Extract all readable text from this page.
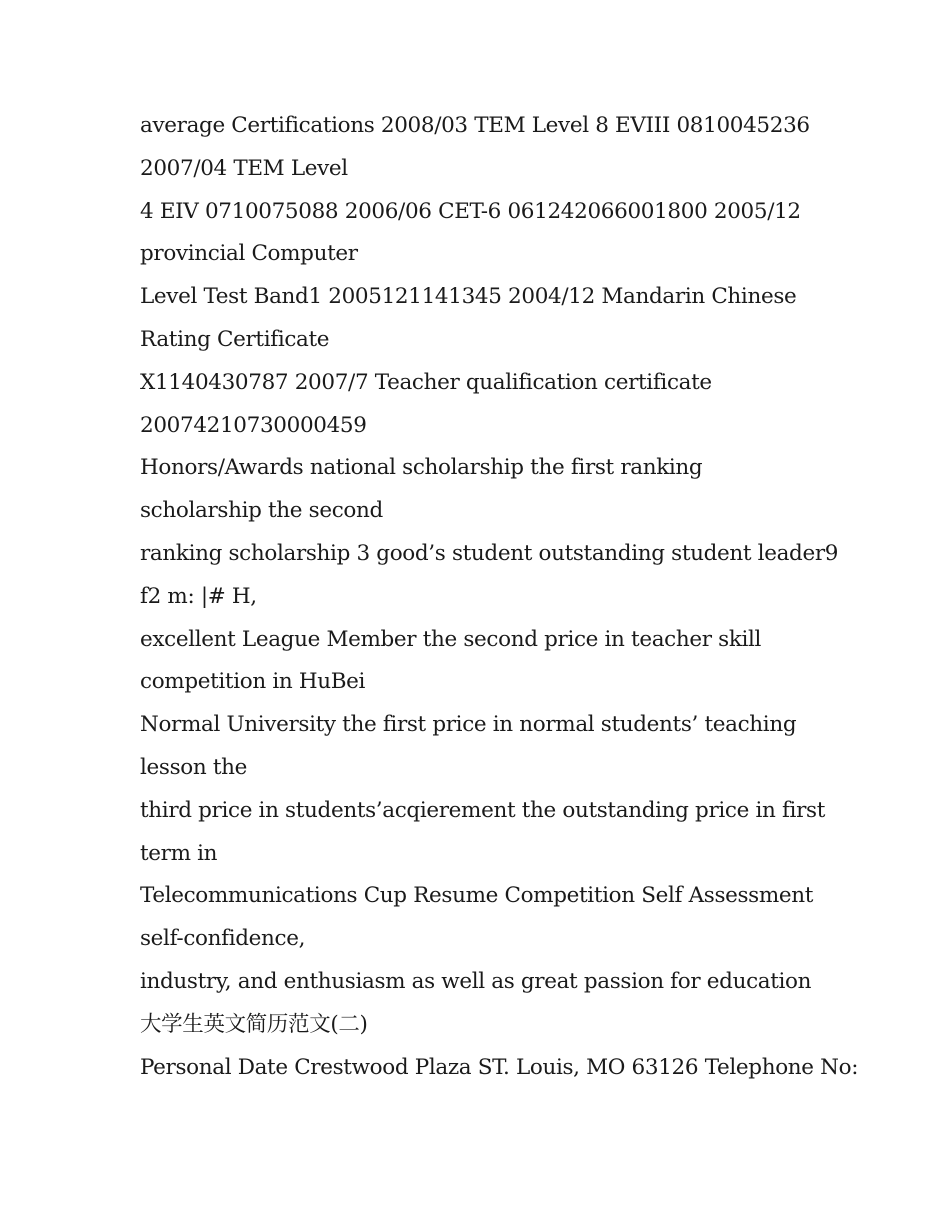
average Certifications 2008/03 TEM Level 8 EVIII 0810045236
2007/04 TEM Level
4 EIV 0710075088 2006/06 CET-6 061242066001800 2005/12
provincial Computer
Level Test Band1 2005121141345 2004/12 Mandarin Chinese
Rating Certificate
X1140430787 2007/7 Teacher qualification certificate
20074210730000459
Honors/Awards national scholarship the first ranking
scholarship the second
ranking scholarship 3 good’s student outstanding student leader9
f2 m: |# H,
excellent League Member the second price in teacher skill
competition in HuBei
Normal University the first price in normal students’ teaching
lesson the
third price in students’acqierement the outstanding price in first
term in
Telecommunications Cup Resume Competition Self Assessment
self-confidence,
industry, and enthusiasm as well as great passion for education
大学生英文简历范文(二)
Personal Date Crestwood Plaza ST. Louis, MO 63126 Telephone No:
